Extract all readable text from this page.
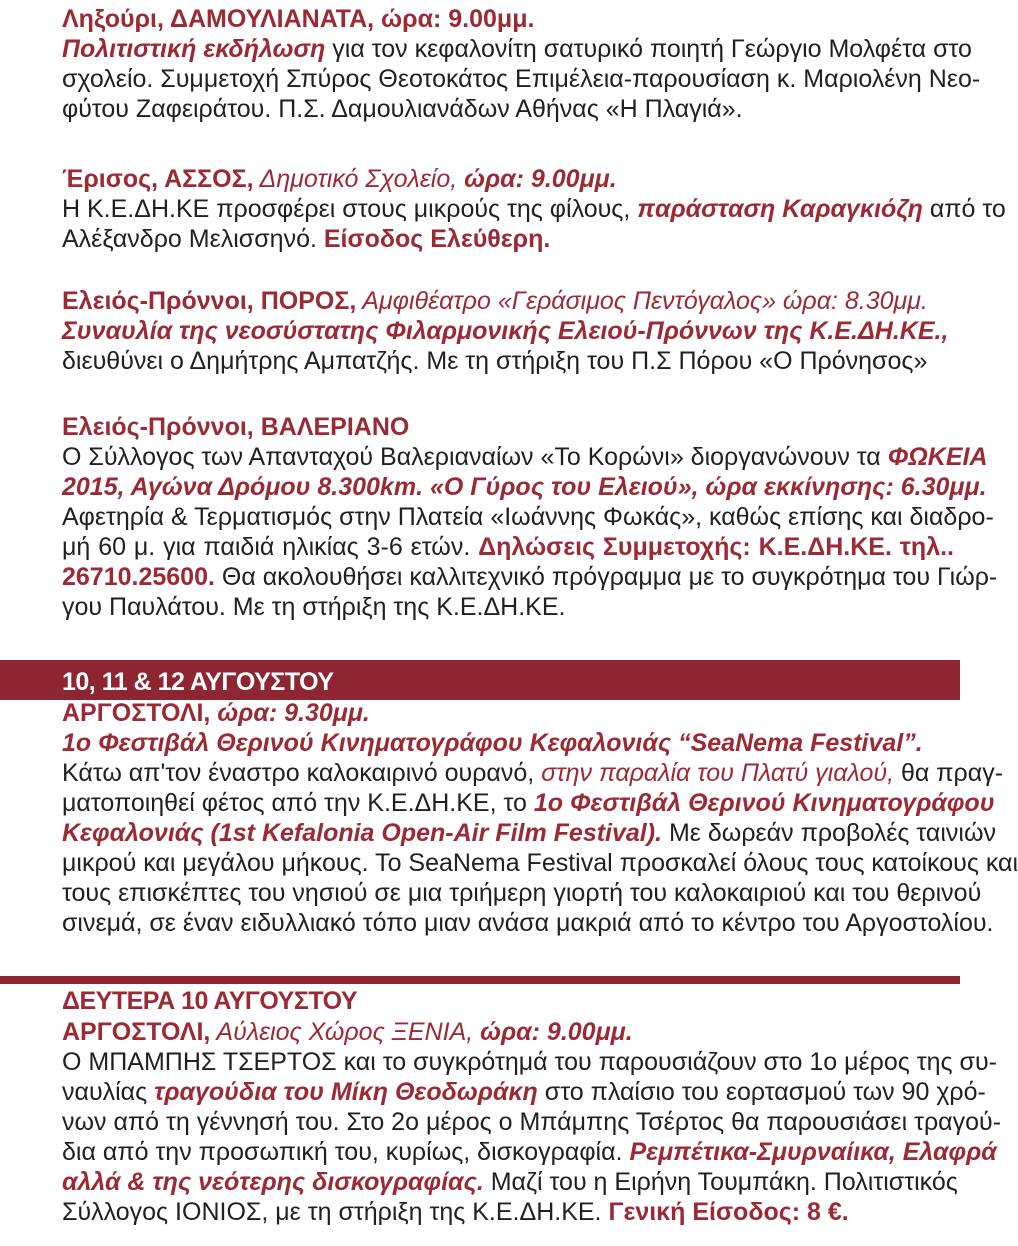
Ληξούρι, ΔΑΜΟΥΛΙΑΝΑΤΑ, ώρα: 9.00μμ.
Πολιτιστική εκδήλωση για τον κεφαλονίτη σατυρικό ποιητή Γεώργιο Μολφέτα στο
σχολείο. Συμμετοχή Σπύρος Θεοτοκάτος Επιμέλεια-παρουσίαση κ. Μαριολένη Νεο-
φύτου Ζαφειράτου. Π.Σ. Δαμουλιανάδων Αθήνας «Η Πλαγιά».
Έρισος, ΑΣΣΟΣ, Δημοτικό Σχολείο, ώρα: 9.00μμ.
Η Κ.Ε.ΔΗ.ΚΕ προσφέρει στους μικρούς της φίλους, παράσταση Καραγκιόζη από το
Αλέξανδρο Μελισσηνό. Είσοδος Ελεύθερη.
Ελειός-Πρόννοι, ΠΟΡΟΣ, Αμφιθέατρο «Γεράσιμος Πεντόγαλος» ώρα: 8.30μμ.
Συναυλία της νεοσύστατης Φιλαρμονικής Ελειού-Πρόννων της Κ.Ε.ΔΗ.ΚΕ.,
διευθύνει ο Δημήτρης Αμπατζής. Με τη στήριξη του Π.Σ Πόρου «Ο Πρόνησος»
Ελειός-Πρόννοι, ΒΑΛΕΡΙΑΝΟ
Ο Σύλλογος των Απανταχού Βαλεριαναίων «Το Κορώνι» διοργανώνουν τα ΦΩΚΕΙΑ
2015, Αγώνα Δρόμου 8.300km. «Ο Γύρος του Ελειού», ώρα εκκίνησης: 6.30μμ.
Αφετηρία & Τερματισμός στην Πλατεία «Ιωάννης Φωκάς», καθώς επίσης και διαδρο-
μή 60 μ. για παιδιά ηλικίας 3-6 ετών. Δηλώσεις Συμμετοχής: Κ.Ε.ΔΗ.ΚΕ. τηλ..
26710.25600. Θα ακολουθήσει καλλιτεχνικό πρόγραμμα με το συγκρότημα του Γιώρ-
γου Παυλάτου. Με τη στήριξη της Κ.Ε.ΔΗ.ΚΕ.
10, 11 & 12 ΑΥΓΟΥΣΤΟΥ
ΑΡΓΟΣΤΟΛΙ, ώρα: 9.30μμ.
1ο Φεστιβάλ Θερινού Κινηματογράφου Κεφαλονιάς “SeaNema Festival”.
Κάτω απ'τον έναστρο καλοκαιρινό ουρανό, στην παραλία του Πλατύ γιαλού, θα πραγ-
ματοποιηθεί φέτος από την Κ.Ε.ΔΗ.ΚΕ, το 1ο Φεστιβάλ Θερινού Κινηματογράφου
Κεφαλονιάς (1st Kefalonia Open-Air Film Festival). Με δωρεάν προβολές ταινιών
μικρού και μεγάλου μήκους. Το SeaNema Festival προσκαλεί όλους τους κατοίκους και
τους επισκέπτες του νησιού σε μια τριήμερη γιορτή του καλοκαιριού και του θερινού
σινεμά, σε έναν ειδυλλιακό τόπο μιαν ανάσα μακριά από το κέντρο του Αργοστολίου.
ΔΕΥΤΕΡΑ 10 ΑΥΓΟΥΣΤΟΥ
ΑΡΓΟΣΤΟΛΙ, Αύλειος Χώρος ΞΕΝΙΑ, ώρα: 9.00μμ.
Ο ΜΠΑΜΠΗΣ ΤΣΕΡΤΟΣ και το συγκρότημά του παρουσιάζουν στο 1ο μέρος της συ-
ναυλίας τραγούδια του Μίκη Θεοδωράκη στο πλαίσιο του εορτασμού των 90 χρό-
νων από τη γέννησή του. Στο 2ο μέρος ο Μπάμπης Τσέρτος θα παρουσιάσει τραγού-
δια από την προσωπική του, κυρίως, δισκογραφία. Ρεμπέτικα-Σμυρναίικα, Ελαφρά
αλλά & της νεότερης δισκογραφίας. Μαζί του η Ειρήνη Τουμπάκη. Πολιτιστικός
Σύλλογος ΙΟΝΙΟΣ, με τη στήριξη της Κ.Ε.ΔΗ.ΚΕ. Γενική Είσοδος: 8 €.
